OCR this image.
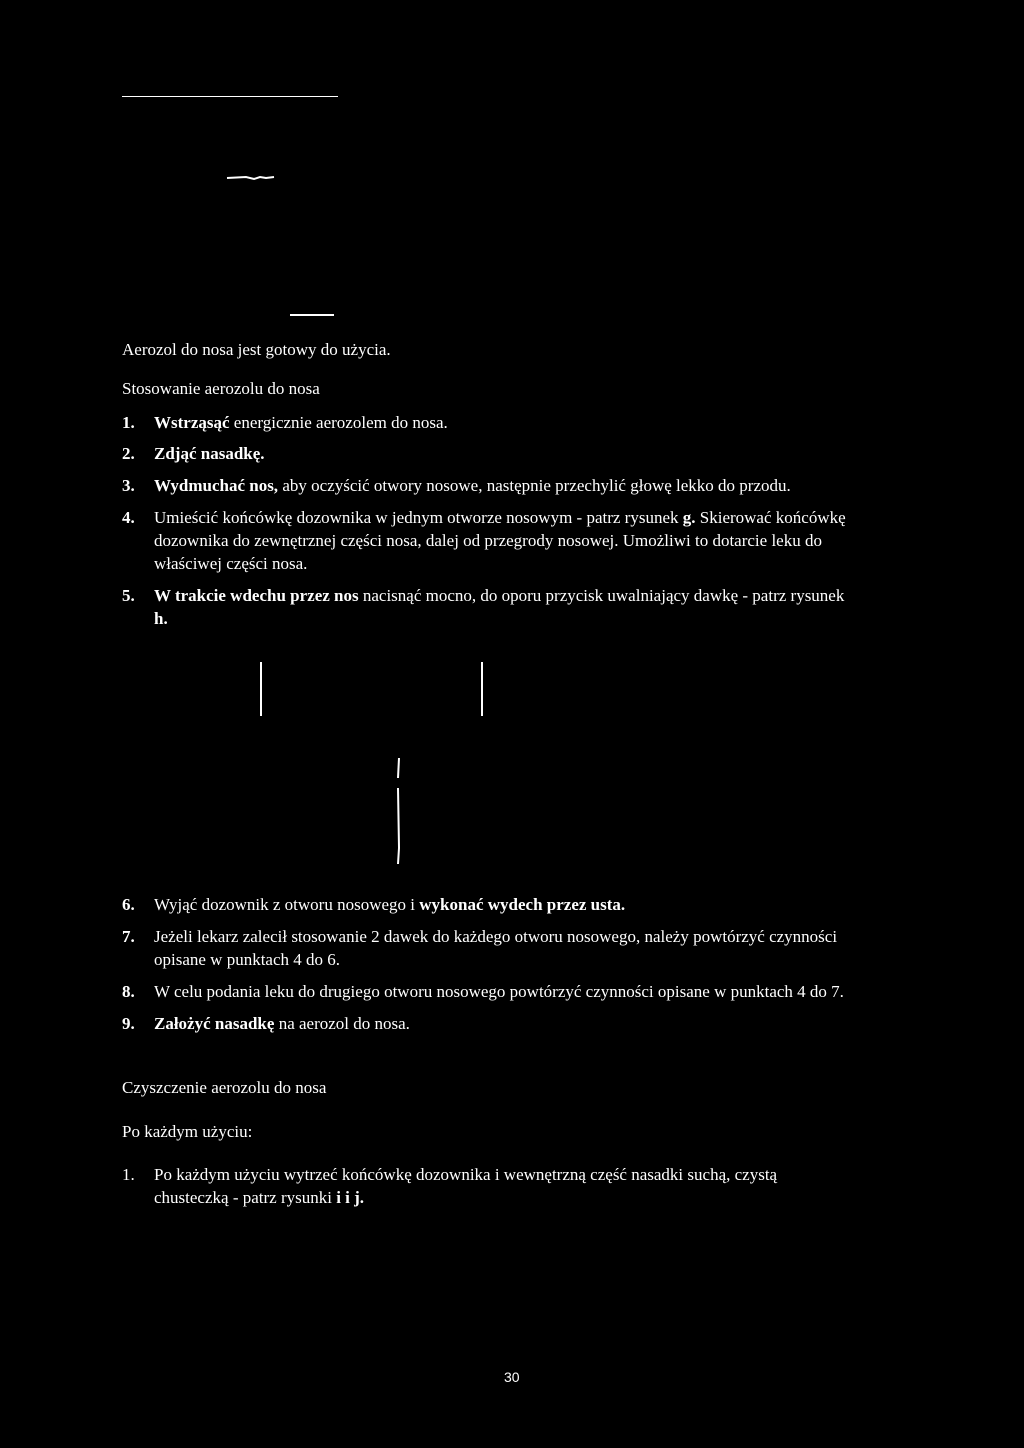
Aerozol do nosa jest gotowy do użycia.
Stosowanie aerozolu do nosa
1. Wstrząsąć energicznie aerozolem do nosa.
2. Zdjąć nasadkę.
3. Wydmuchać nos, aby oczyścić otwory nosowe, następnie przechylić głowę lekko do przodu.
4. Umieścić końcówkę dozownika w jednym otworze nosowym - patrz rysunek g. Skierować końcówkę
dozownika do zewnętrznej części nosa, dalej od przegrody nosowej. Umożliwi to dotarcie leku do
właściwej części nosa.
5. W trakcie wdechu przez nos nacisnąć mocno, do oporu przycisk uwalniający dawkę - patrz rysunek
h.
6. Wyjąć dozownik z otworu nosowego i wykonać wydech przez usta.
7. Jeżeli lekarz zalecił stosowanie 2 dawek do każdego otworu nosowego, należy powtórzyć czynności
opisane w punktach 4 do 6.
8. W celu podania leku do drugiego otworu nosowego powtórzyć czynności opisane w punktach 4 do 7.
9. Założyć nasadkę na aerozol do nosa.
Czyszczenie aerozolu do nosa
Po każdym użyciu:
1. Po każdym użyciu wytrzeć końcówkę dozownika i wewnętrzną część nasadki suchą, czystą
chusteczką - patrz rysunki i i j.
30
